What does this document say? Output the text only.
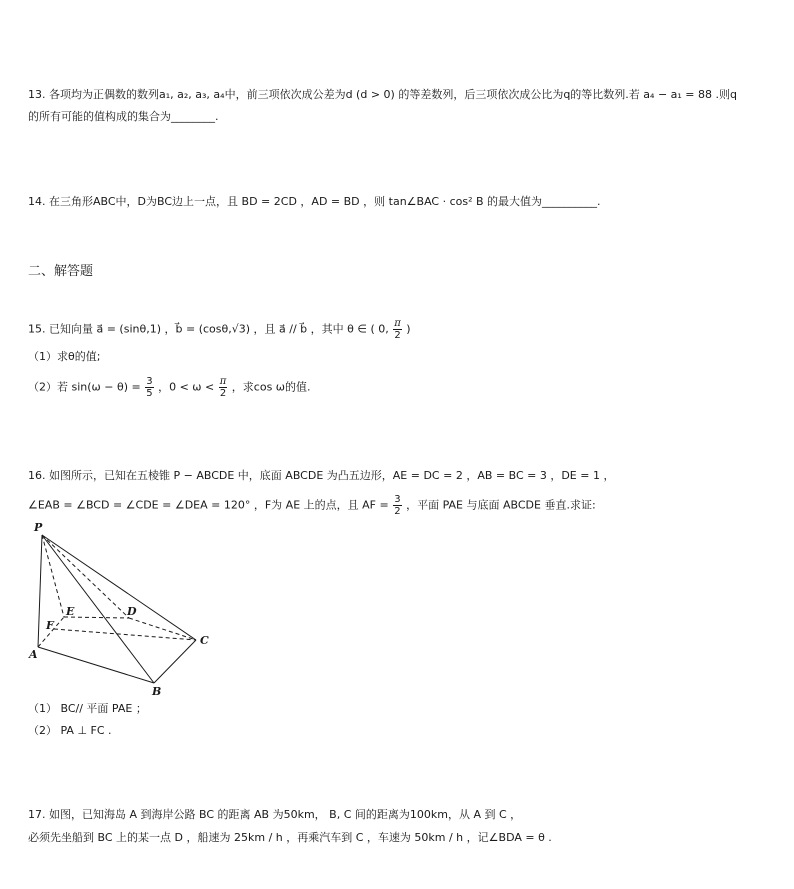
13. 各项均为正偶数的数列a₁, a₂, a₃, a₄中，前三项依次成公差为d (d > 0) 的等差数列，后三项依次成公比为q的等比数列.若 a₄ − a₁ = 88 .则q
的所有可能的值构成的集合为________.
14. 在三角形ABC中，D为BC边上一点，且 BD = 2CD ，AD = BD ，则 tan∠BAC · cos² B 的最大值为__________.
二、解答题
15. 已知向量 a⃗ = (sinθ,1) ，b⃗ = (cosθ,√3) ，且 a⃗ // b⃗ ，其中 θ ∈ ( 0, $\frac{\pi}{2}$ )
（1）求θ的值;
（2）若 $\sin(\omega - \theta) = \frac{3}{5}$ ，$0 < \omega < \frac{\pi}{2}$ ，求cos ω的值.
16. 如图所示，已知在五棱锥 P − ABCDE 中，底面 ABCDE 为凸五边形，AE = DC = 2 ，AB = BC = 3 ，DE = 1 ，
∠EAB = ∠BCD = ∠CDE = ∠DEA = 120° ，F为 AE 上的点，且 AF = $\frac{3}{2}$ ，平面 PAE 与底面 ABCDE 垂直.求证:
P
E	D
F
A
B
C
（1） BC// 平面 PAE ；
（2） PA ⊥ FC .
17. 如图，已知海岛 A 到海岸公路 BC 的距离 AB 为50km， B, C 间的距离为100km，从 A 到 C ，
必须先坐船到 BC 上的某一点 D ，船速为 25km / h ，再乘汽车到 C ，车速为 50km / h ，记∠BDA = θ .
